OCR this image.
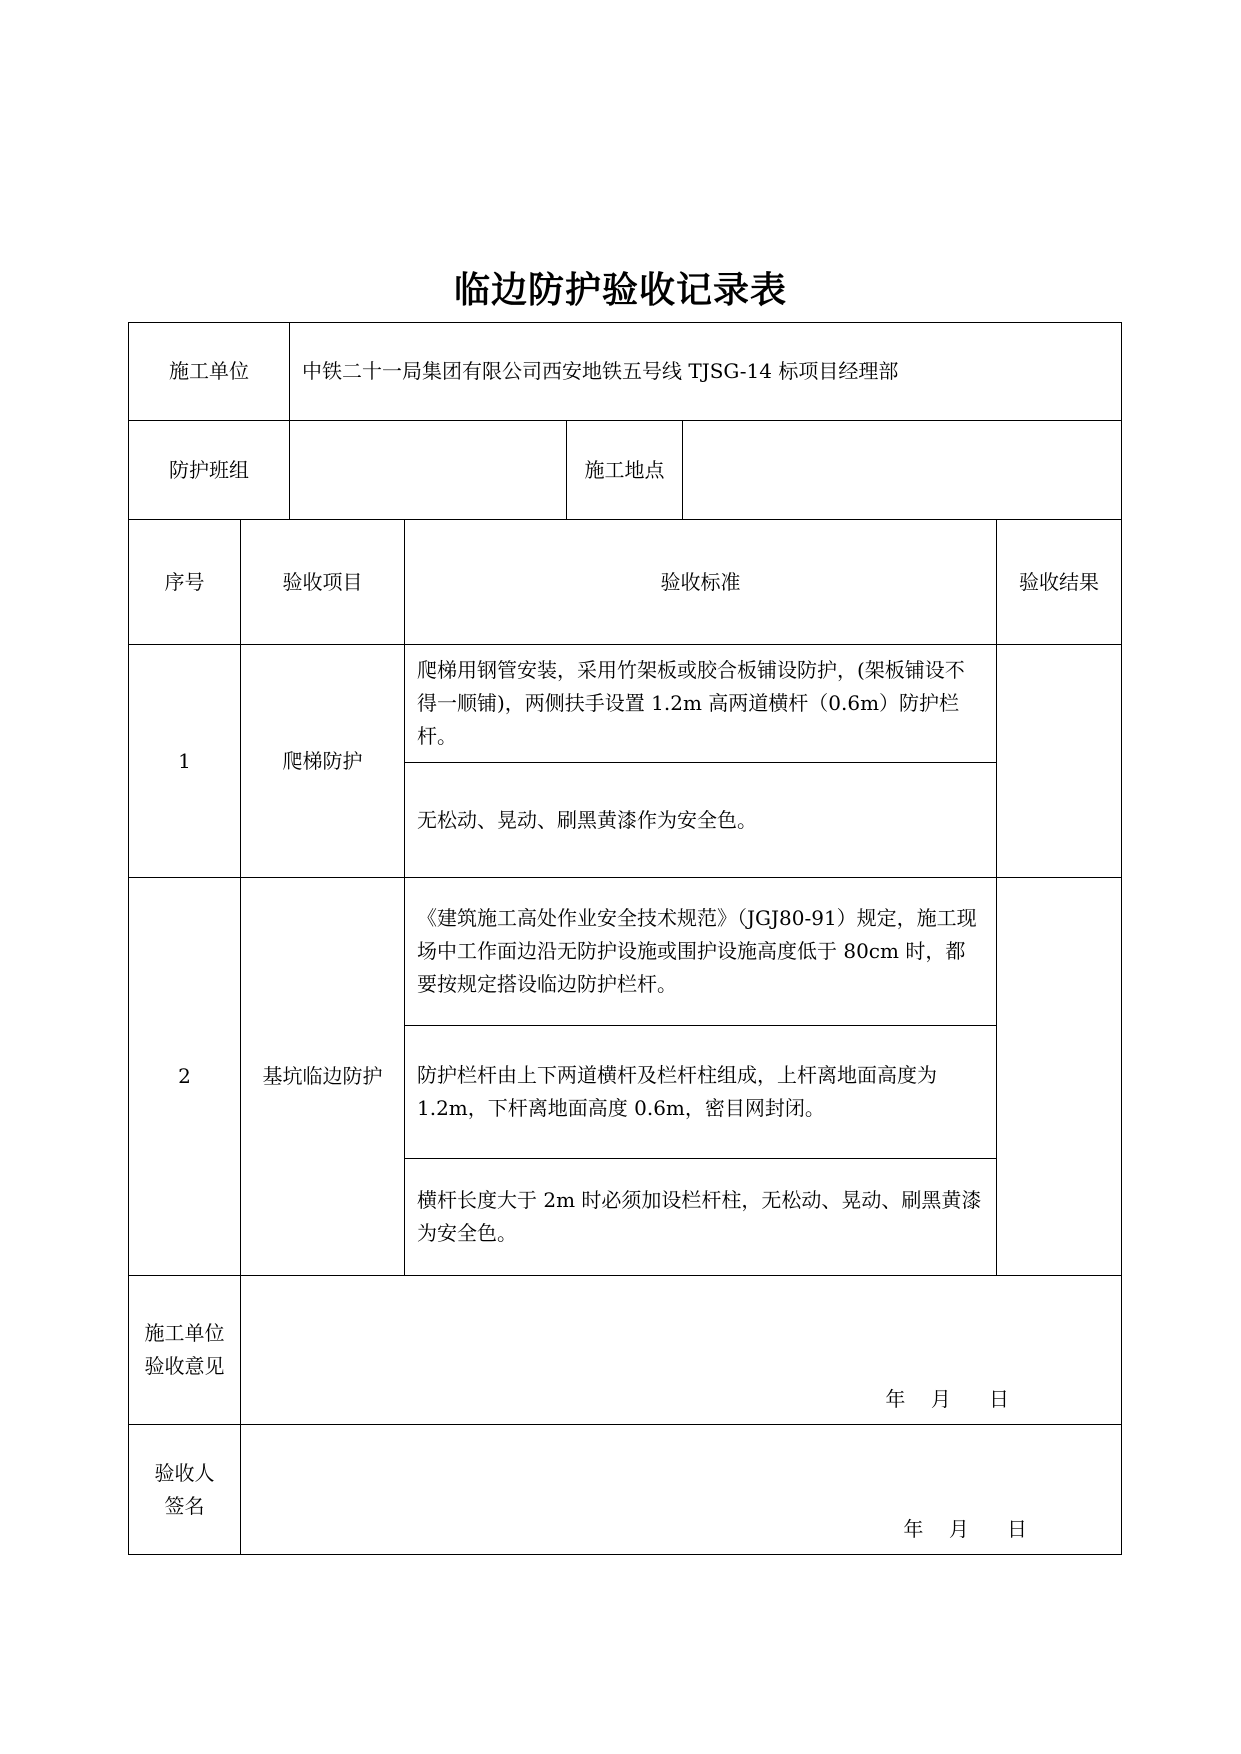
临边防护验收记录表
施工单位		中铁二十一局集团有限公司西安地铁五号线 TJSG-14 标项目经理部				
防护班组				施工地点		
序号	验收项目		验收标准			验收结果
1	爬梯防护		爬梯用钢管安装，采用竹架板或胶合板铺设防护，(架板铺设不得一顺铺)，两侧扶手设置 1.2m 高两道横杆（0.6m）防护栏杆。			
			无松动、晃动、刷黑黄漆作为安全色。			
2	基坑临边防护		《建筑施工高处作业安全技术规范》（JGJ80-91）规定，施工现场中工作面边沿无防护设施或围护设施高度低于 80cm 时，都要按规定搭设临边防护栏杆。			
			防护栏杆由上下两道横杆及栏杆柱组成，上杆离地面高度为 1.2m，下杆离地面高度 0.6m，密目网封闭。			
			横杆长度大于 2m 时必须加设栏杆柱，无松动、晃动、刷黑黄漆为安全色。			

施工单位
验收意见	年    月      日					

验收人
签名	年    月      日					
